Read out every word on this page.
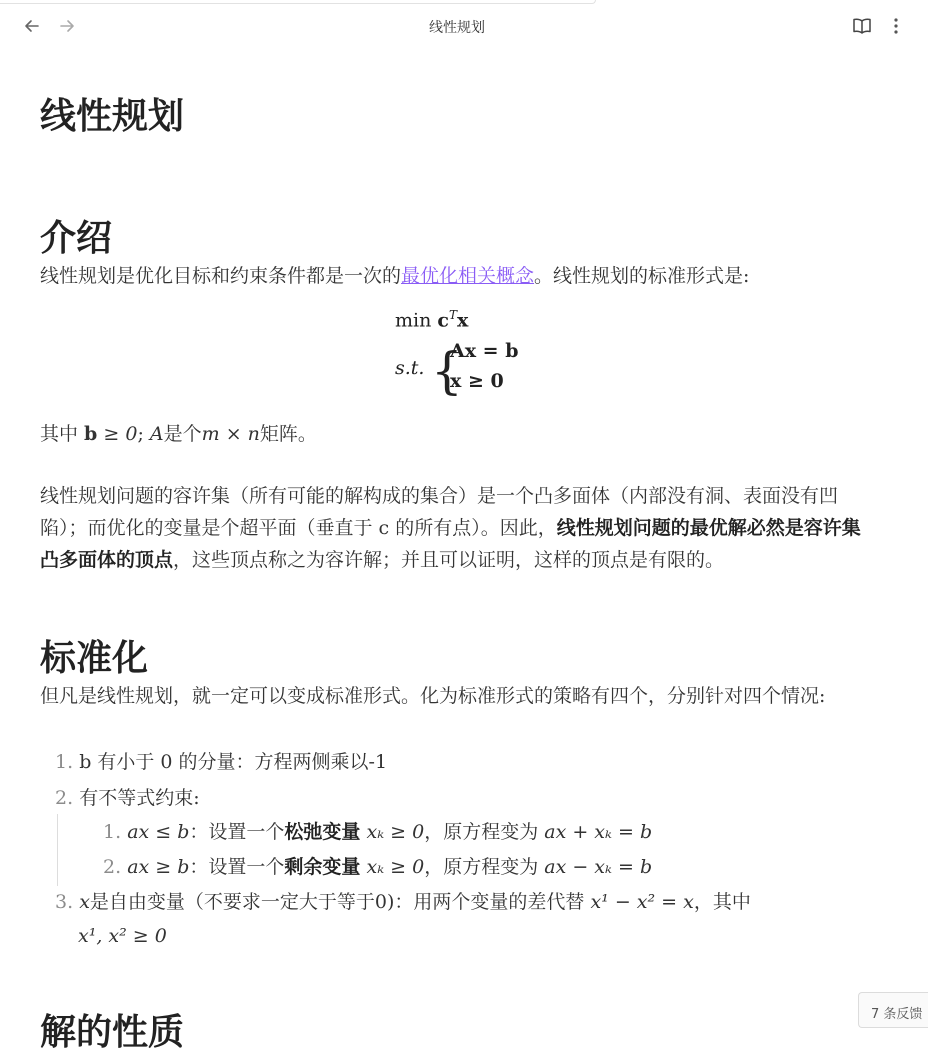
线性规划
线性规划
介绍
线性规划是优化目标和约束条件都是一次的最优化相关概念。线性规划的标准形式是:
$\min c^Tx$
s.t. {
Ax = b
x ≥ 0
其中 b ≥ 0; A是个m × n矩阵。
线性规划问题的容许集（所有可能的解构成的集合）是一个凸多面体（内部没有洞、表面没有凹陷）；而优化的变量是个超平面（垂直于 c 的所有点）。因此，线性规划问题的最优解必然是容许集凸多面体的顶点，这些顶点称之为容许解；并且可以证明，这样的顶点是有限的。
标准化
但凡是线性规划，就一定可以变成标准形式。化为标准形式的策略有四个，分别针对四个情况:
1. b 有小于 0 的分量：方程两侧乘以-1
2. 有不等式约束:
1. ax ≤ b：设置一个松弛变量 xₖ ≥ 0，原方程变为 ax + xₖ = b
2. ax ≥ b：设置一个剩余变量 xₖ ≥ 0，原方程变为 ax − xₖ = b
3. x是自由变量（不要求一定大于等于0)：用两个变量的差代替 x¹ − x² = x，其中
x¹, x² ≥ 0
解的性质	7 条反馈
